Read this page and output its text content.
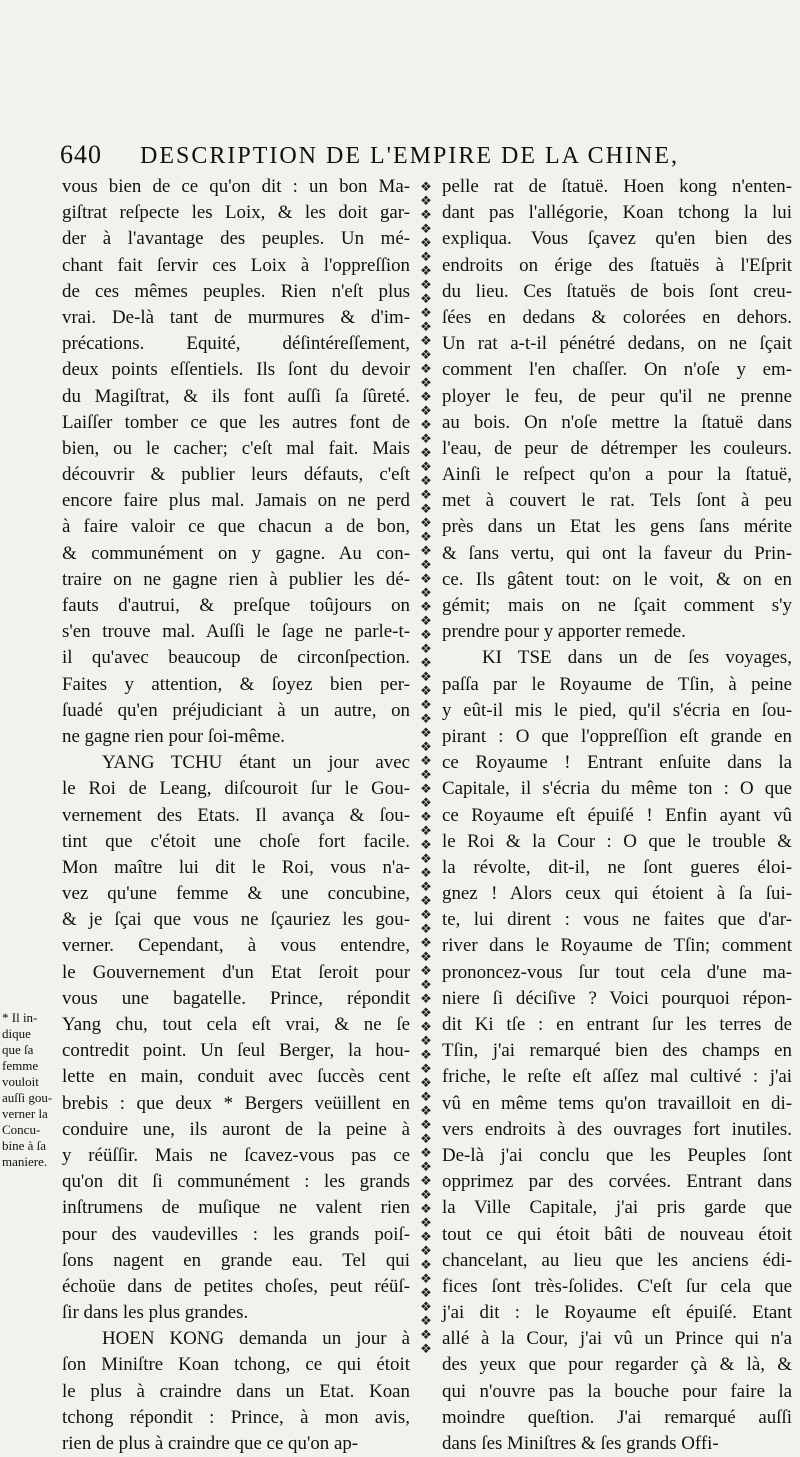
640 DESCRIPTION DE L'EMPIRE DE LA CHINE,
vous bien de ce qu'on dit : un bon Ma-
giſtrat reſpecte les Loix, & les doit gar-
der à l'avantage des peuples. Un mé-
chant fait ſervir ces Loix à l'oppreſſion
de ces mêmes peuples. Rien n'eſt plus
vrai. De-là tant de murmures & d'im-
précations. Equité, déſintéreſſement,
deux points eſſentiels. Ils ſont du devoir
du Magiſtrat, & ils font auſſi ſa ſûreté.
Laiſſer tomber ce que les autres font de
bien, ou le cacher; c'eſt mal fait. Mais
découvrir & publier leurs défauts, c'eſt
encore faire plus mal. Jamais on ne perd
à faire valoir ce que chacun a de bon,
& communément on y gagne. Au con-
traire on ne gagne rien à publier les dé-
fauts d'autrui, & preſque toûjours on
s'en trouve mal. Auſſi le ſage ne parle-t-
il qu'avec beaucoup de circonſpection.
Faites y attention, & ſoyez bien per-
ſuadé qu'en préjudiciant à un autre, on
ne gagne rien pour ſoi-même.
YANG TCHU étant un jour avec
le Roi de Leang, diſcouroit ſur le Gou-
vernement des Etats. Il avança & ſou-
tint que c'étoit une choſe fort facile.
Mon maître lui dit le Roi, vous n'a-
vez qu'une femme & une concubine,
& je ſçai que vous ne ſçauriez les gou-
verner. Cependant, à vous entendre,
le Gouvernement d'un Etat ſeroit pour
vous une bagatelle. Prince, répondit
Yang chu, tout cela eſt vrai, & ne ſe
contredit point. Un ſeul Berger, la hou-
lette en main, conduit avec ſuccès cent
brebis : que deux * Bergers veüillent en
conduire une, ils auront de la peine à
y réüſſir. Mais ne ſcavez-vous pas ce
qu'on dit ſi communément : les grands
inſtrumens de muſique ne valent rien
pour des vaudevilles : les grands poiſ-
ſons nagent en grande eau. Tel qui
échoüe dans de petites choſes, peut réüſ-
ſir dans les plus grandes.
HOEN KONG demanda un jour à
ſon Miniſtre Koan tchong, ce qui étoit
le plus à craindre dans un Etat. Koan
tchong répondit : Prince, à mon avis,
rien de plus à craindre que ce qu'on ap-
❖
❖
❖
❖
❖
❖
❖
❖
❖
❖
❖
❖
❖
❖
❖
❖
❖
❖
❖
❖
❖
❖
❖
❖
❖
❖
❖
❖
❖
❖
❖
❖
❖
❖
❖
❖
❖
❖
❖
❖
❖
❖
❖
❖
❖
❖
❖
❖
❖
❖
❖
❖
❖
❖
❖
❖
❖
❖
❖
❖
❖
❖
❖
❖
❖
❖
❖
❖
❖
❖
❖
❖
❖
❖
❖
❖
❖
❖
❖
❖
❖
❖
❖
❖

pelle rat de ſtatuë. Hoen kong n'enten-
dant pas l'allégorie, Koan tchong la lui
expliqua. Vous ſçavez qu'en bien des
endroits on érige des ſtatuës à l'Eſprit
du lieu. Ces ſtatuës de bois ſont creu-
ſées en dedans & colorées en dehors.
Un rat a-t-il pénétré dedans, on ne ſçait
comment l'en chaſſer. On n'oſe y em-
ployer le feu, de peur qu'il ne prenne
au bois. On n'oſe mettre la ſtatuë dans
l'eau, de peur de détremper les couleurs.
Ainſi le reſpect qu'on a pour la ſtatuë,
met à couvert le rat. Tels ſont à peu
près dans un Etat les gens ſans mérite
& ſans vertu, qui ont la faveur du Prin-
ce. Ils gâtent tout: on le voit, & on en
gémit; mais on ne ſçait comment s'y
prendre pour y apporter remede.
KI TSE dans un de ſes voyages,
paſſa par le Royaume de Tſin, à peine
y eût-il mis le pied, qu'il s'écria en ſou-
pirant : O que l'oppreſſion eſt grande en
ce Royaume ! Entrant enſuite dans la
Capitale, il s'écria du même ton : O que
ce Royaume eſt épuiſé ! Enfin ayant vû
le Roi & la Cour : O que le trouble &
la révolte, dit-il, ne ſont gueres éloi-
gnez ! Alors ceux qui étoient à ſa ſui-
te, lui dirent : vous ne faites que d'ar-
river dans le Royaume de Tſin; comment
prononcez-vous ſur tout cela d'une ma-
niere ſi déciſive ? Voici pourquoi répon-
dit Ki tſe : en entrant ſur les terres de
Tſin, j'ai remarqué bien des champs en
friche, le reſte eſt aſſez mal cultivé : j'ai
vû en même tems qu'on travailloit en di-
vers endroits à des ouvrages fort inutiles.
De-là j'ai conclu que les Peuples ſont
opprimez par des corvées. Entrant dans
la Ville Capitale, j'ai pris garde que
tout ce qui étoit bâti de nouveau étoit
chancelant, au lieu que les anciens édi-
fices ſont très-ſolides. C'eſt ſur cela que
j'ai dit : le Royaume eſt épuiſé. Etant
allé à la Cour, j'ai vû un Prince qui n'a
des yeux que pour regarder çà & là, &
qui n'ouvre pas la bouche pour faire la
moindre queſtion. J'ai remarqué auſſi
dans ſes Miniſtres & ſes grands Offi-
* Il in-
dique
que ſa
femme
vouloit
auſſi gou-
verner la
Concu-
bine à ſa
maniere.
